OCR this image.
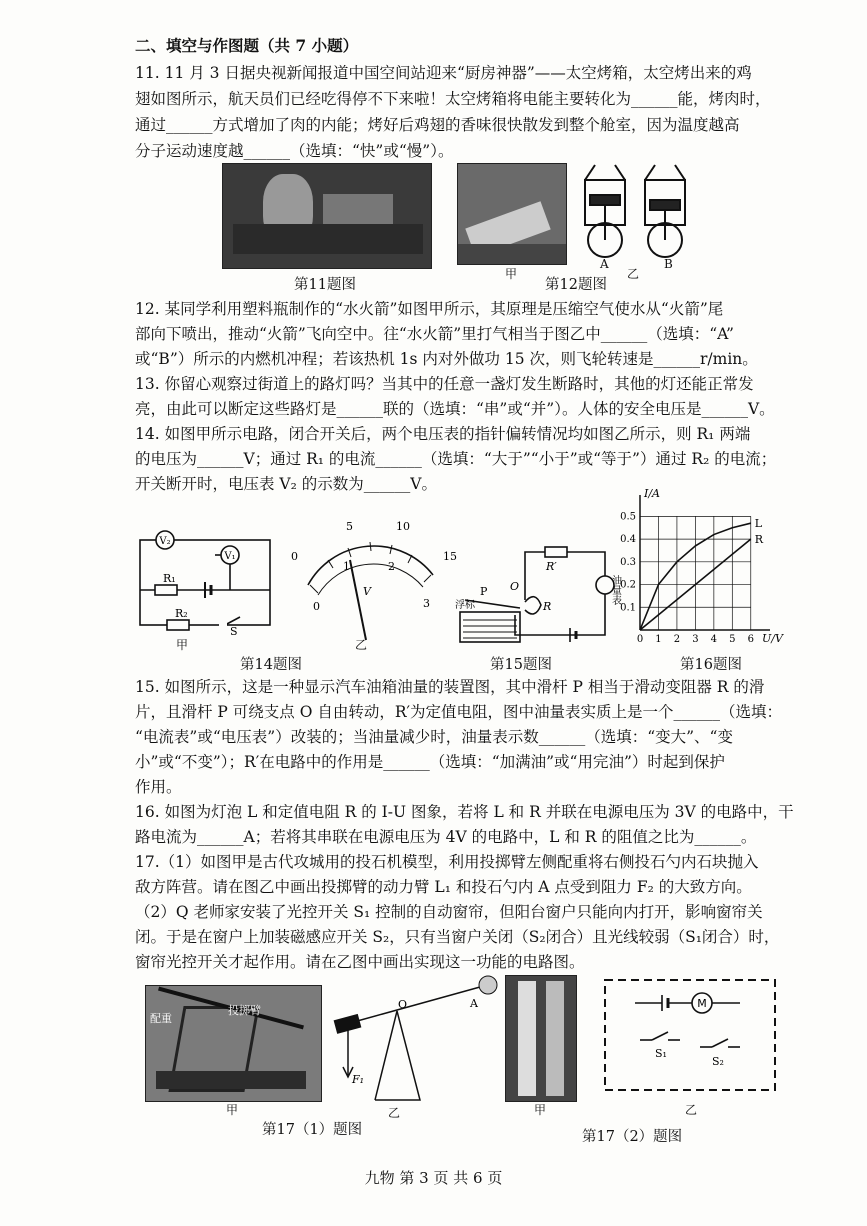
二、填空与作图题（共 7 小题）
11. 11 月 3 日据央视新闻报道中国空间站迎来“厨房神器”——太空烤箱，太空烤出来的鸡
翅如图所示，航天员们已经吃得停不下来啦！太空烤箱将电能主要转化为______能，烤肉时，
通过______方式增加了肉的内能；烤好后鸡翅的香味很快散发到整个舱室，因为温度越高
分子运动速度越______（选填：“快”或“慢”）。
第11题图
甲
A	B
乙
第12题图
12. 某同学利用塑料瓶制作的“水火箭”如图甲所示，其原理是压缩空气使水从“火箭”尾
部向下喷出，推动“火箭”飞向空中。往“水火箭”里打气相当于图乙中______（选填：“A”
或“B”）所示的内燃机冲程；若该热机 1s 内对外做功 15 次，则飞轮转速是______r/min。
13. 你留心观察过街道上的路灯吗？当其中的任意一盏灯发生断路时，其他的灯还能正常发
亮，由此可以断定这些路灯是______联的（选填：“串”或“并”）。人体的安全电压是______V。
14. 如图甲所示电路，闭合开关后，两个电压表的指针偏转情况均如图乙所示，则 R₁ 两端
的电压为______V；通过 R₁ 的电流______（选填：“大于”“小于”或“等于”）通过 R₂ 的电流；
开关断开时，电压表 V₂ 的示数为______V。
V₂
V₁
R₁
R₂
S
甲
5	10
0	15
0
1	2
3
V
乙
第14题图
R′
P O
R
浮标
油量表
第15题图
0 1 2 3 4 5 6
0.1
0.2
0.3
0.4
0.5
I/A
U/V
L
R
第16题图
15. 如图所示，这是一种显示汽车油箱油量的装置图，其中滑杆 P 相当于滑动变阻器 R 的滑
片，且滑杆 P 可绕支点 O 自由转动，R′为定值电阻，图中油量表实质上是一个______（选填：
“电流表”或“电压表”）改装的；当油量减少时，油量表示数______（选填：“变大”、“变
小”或“不变”）；R′在电路中的作用是______（选填：“加满油”或“用完油”）时起到保护
作用。
16. 如图为灯泡 L 和定值电阻 R 的 I-U 图象，若将 L 和 R 并联在电源电压为 3V 的电路中，干
路电流为______A；若将其串联在电源电压为 4V 的电路中，L 和 R 的阻值之比为______。
17.（1）如图甲是古代攻城用的投石机模型，利用投掷臂左侧配重将右侧投石勺内石块抛入
敌方阵营。请在图乙中画出投掷臂的动力臂 L₁ 和投石勺内 A 点受到阻力 F₂ 的大致方向。
（2）Q 老师家安装了光控开关 S₁ 控制的自动窗帘，但阳台窗户只能向内打开，影响窗帘关
闭。于是在窗户上加装磁感应开关 S₂，只有当窗户关闭（S₂闭合）且光线较弱（S₁闭合）时，
窗帘光控开关才起作用。请在乙图中画出实现这一功能的电路图。
配重
投掷臂
甲
O	A
F₁
乙
第17（1）题图
甲
M
S₁
S₂
乙
第17（2）题图
九物 第 3 页 共 6 页
